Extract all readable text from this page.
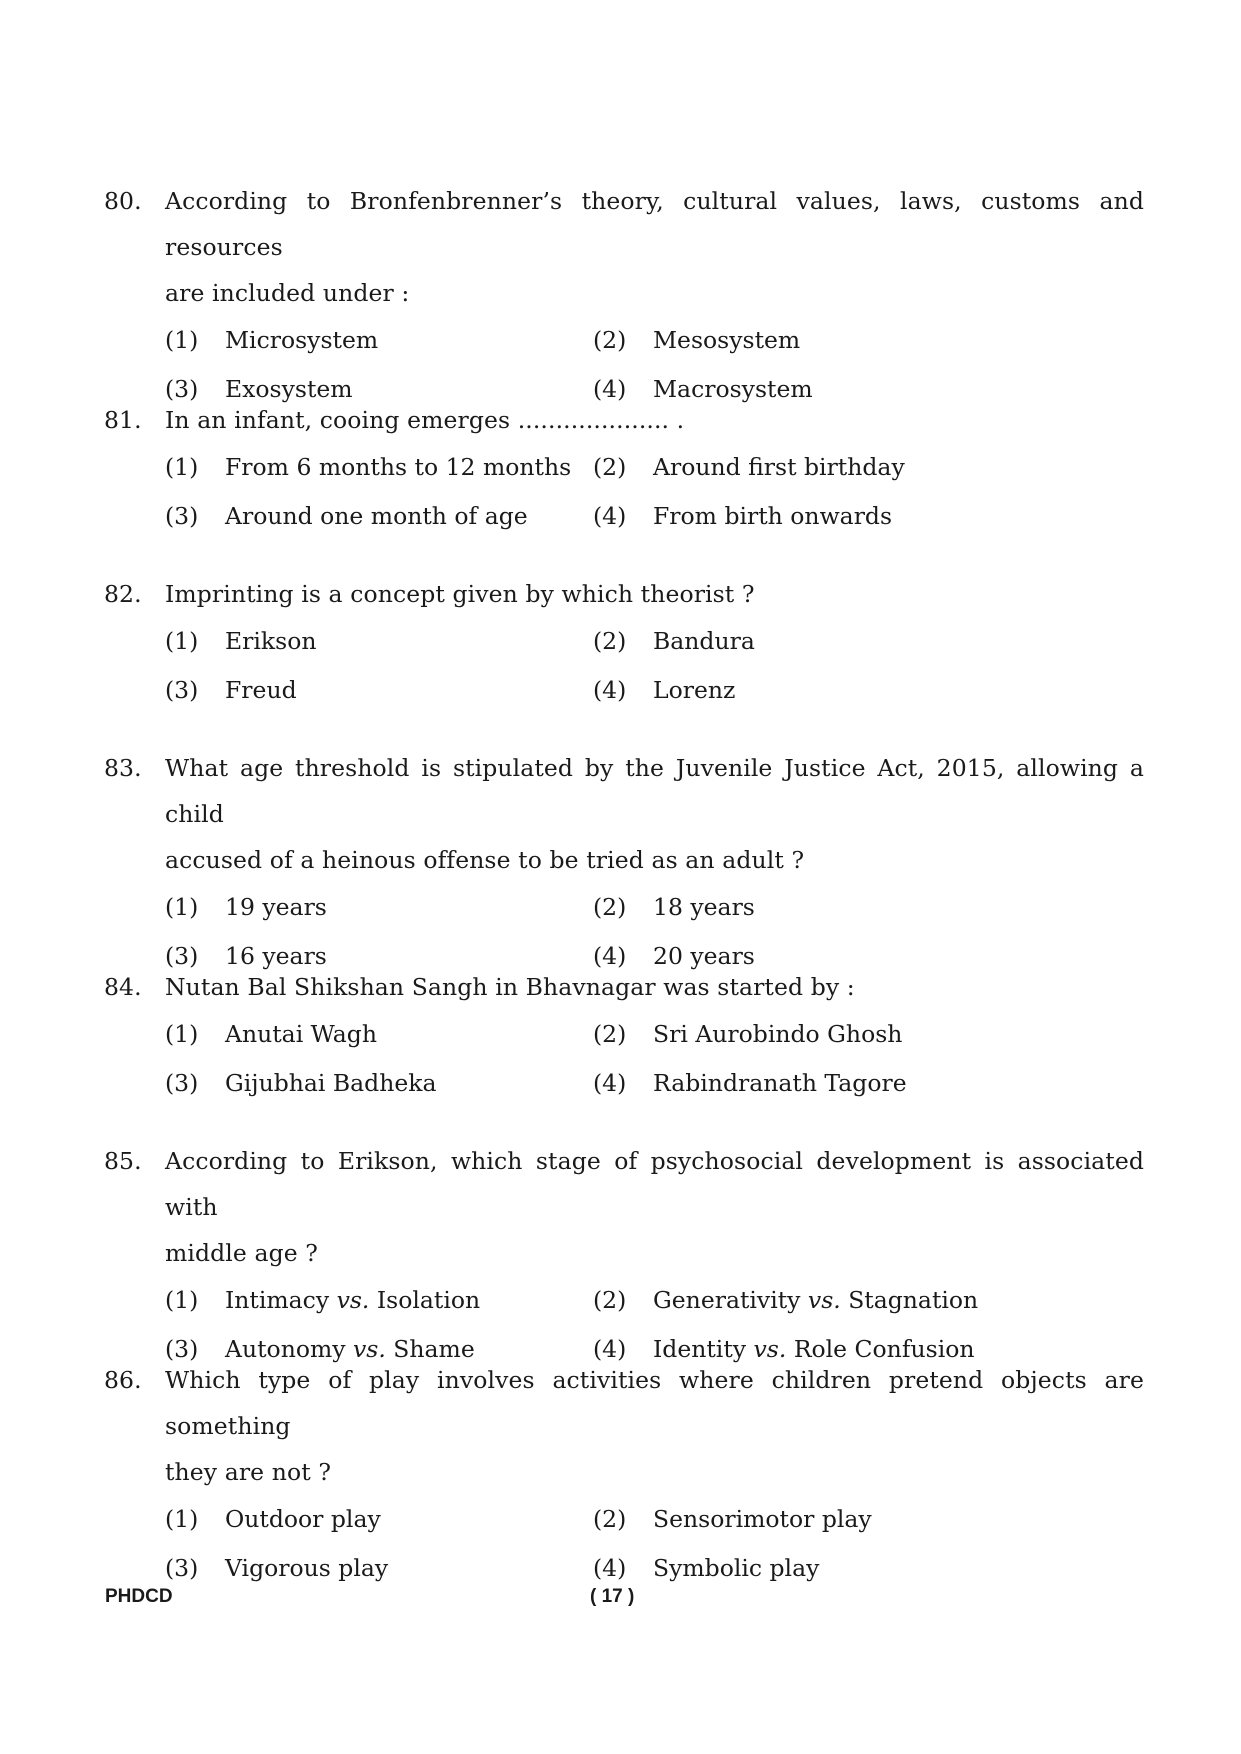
80. According to Bronfenbrenner’s theory, cultural values, laws, customs and resources
are included under :
(1) Microsystem	(2) Mesosystem
(3) Exosystem	(4) Macrosystem
81. In an infant, cooing emerges .................... .
(1) From 6 months to 12 months (2) Around first birthday
(3) Around one month of age	(4) From birth onwards
82. Imprinting is a concept given by which theorist ?
(1) Erikson	(2) Bandura
(3) Freud	(4) Lorenz
83. What age threshold is stipulated by the Juvenile Justice Act, 2015, allowing a child
accused of a heinous offense to be tried as an adult ?
(1) 19 years	(2) 18 years
(3) 16 years	(4) 20 years
84. Nutan Bal Shikshan Sangh in Bhavnagar was started by :
(1) Anutai Wagh	(2) Sri Aurobindo Ghosh
(3) Gijubhai Badheka	(4) Rabindranath Tagore
85. According to Erikson, which stage of psychosocial development is associated with
middle age ?
(1) Intimacy vs. Isolation	(2) Generativity vs. Stagnation
(3) Autonomy vs. Shame	(4) Identity vs. Role Confusion
86. Which type of play involves activities where children pretend objects are something
they are not ?
(1) Outdoor play	(2) Sensorimotor play
(3) Vigorous play	(4) Symbolic play
PHDCD	( 17 )
